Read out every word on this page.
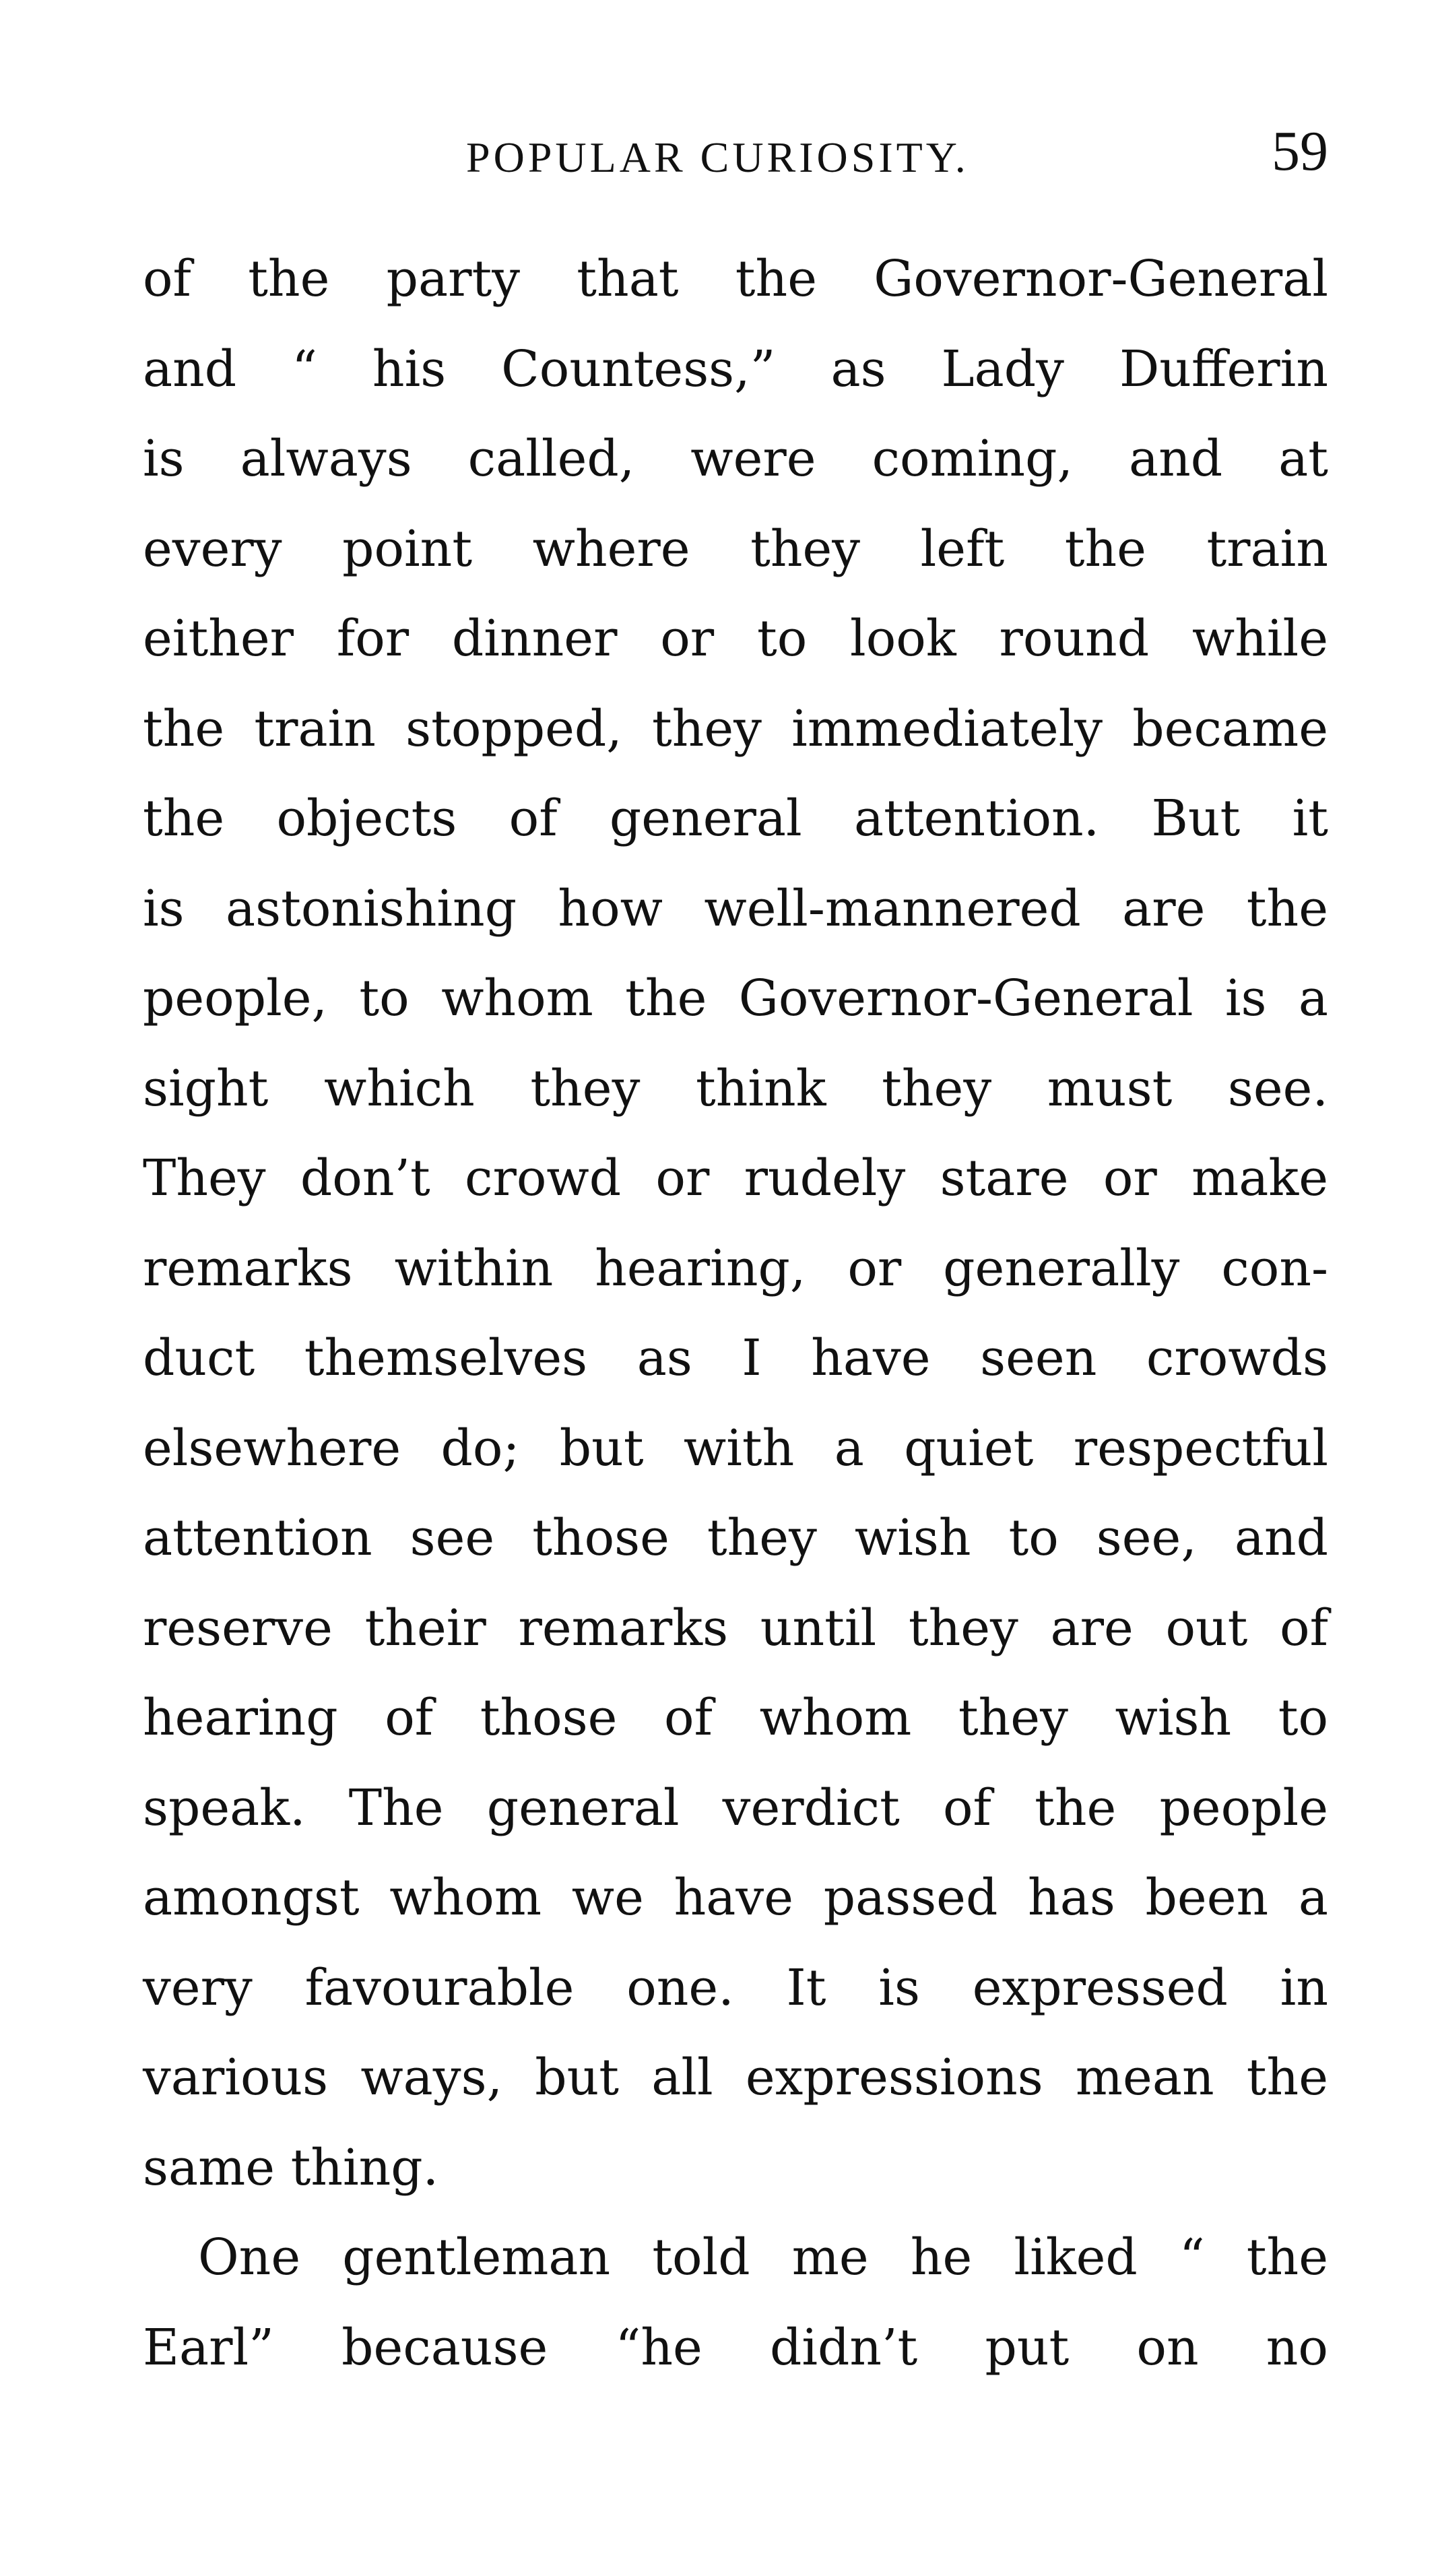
POPULAR CURIOSITY.	59
of the party that the Governor-General
and “ his Countess,” as Lady Dufferin
is always called, were coming, and at
every point where they left the train
either for dinner or to look round while
the train stopped, they immediately became
the objects of general attention. But it
is astonishing how well-mannered are the
people, to whom the Governor-General is a
sight which they think they must see.
They don’t crowd or rudely stare or make
remarks within hearing, or generally con-
duct themselves as I have seen crowds
elsewhere do; but with a quiet respectful
attention see those they wish to see, and
reserve their remarks until they are out of
hearing of those of whom they wish to
speak. The general verdict of the people
amongst whom we have passed has been a
very favourable one. It is expressed in
various ways, but all expressions mean the
same thing.
One gentleman told me he liked “ the
Earl” because “he didn’t put on no
